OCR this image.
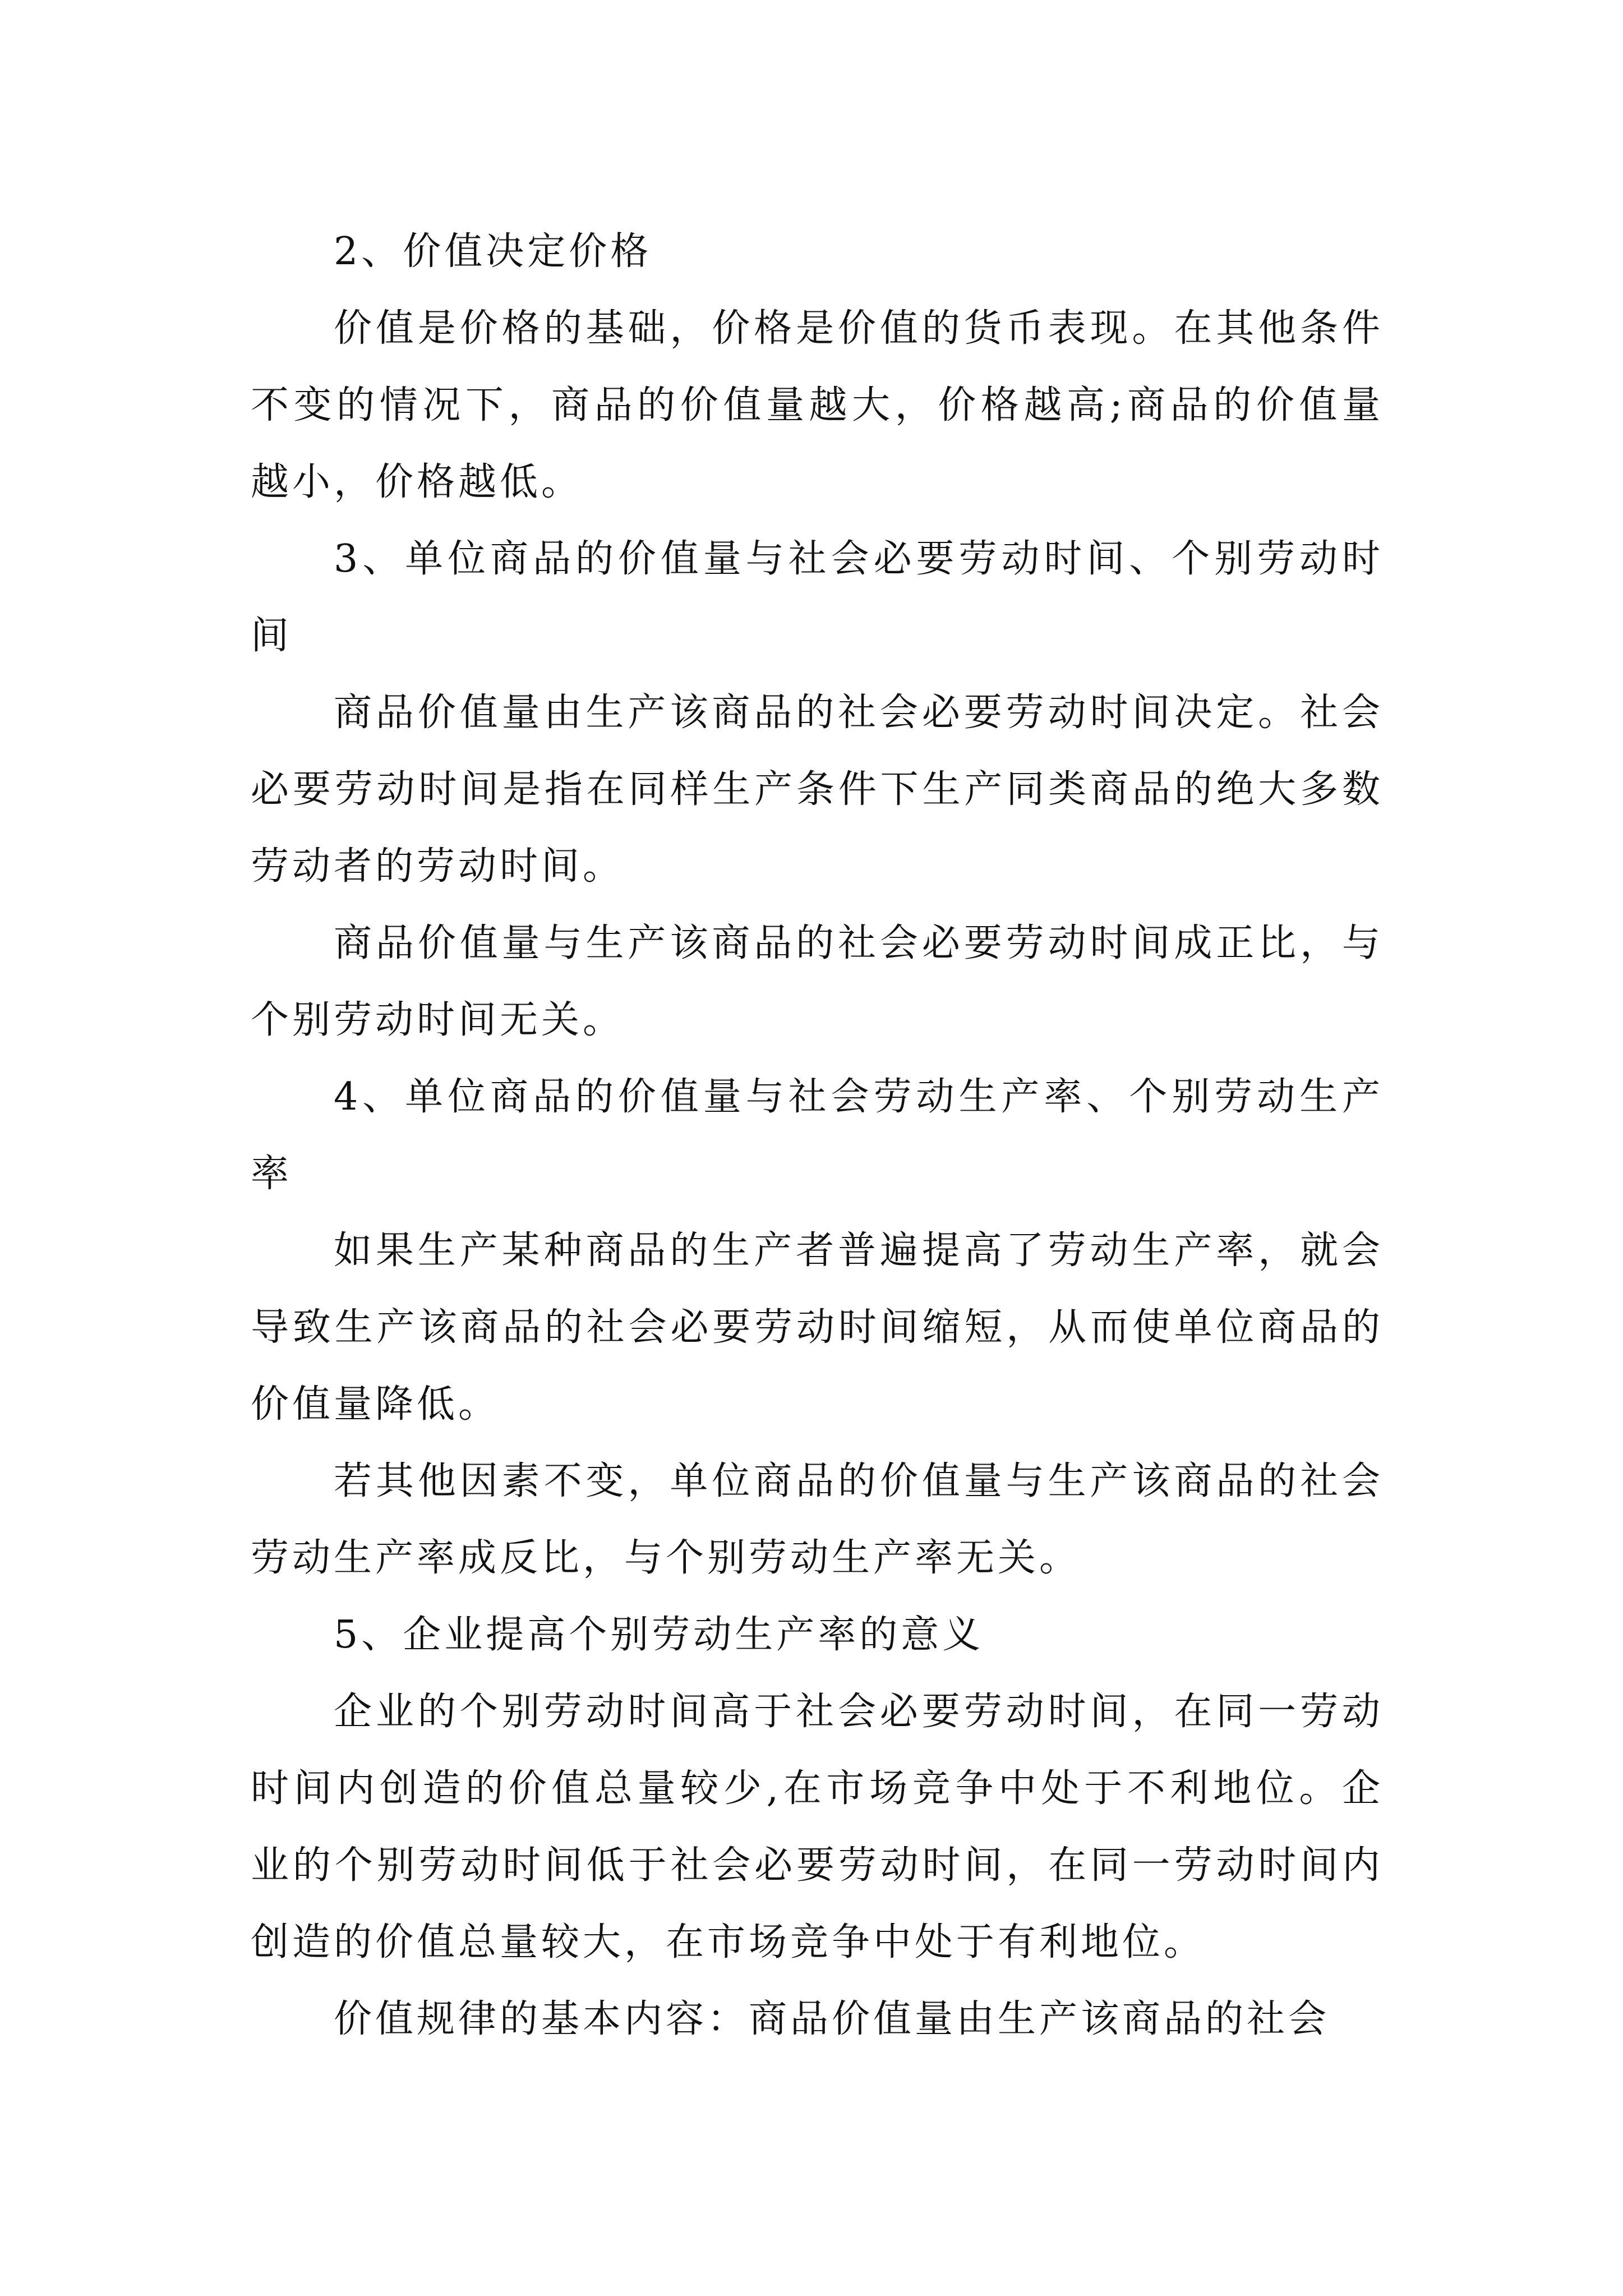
2、价值决定价格

价值是价格的基础，价格是价值的货币表现。在其他条件不变的情况下，商品的价值量越大，价格越高;商品的价值量越小，价格越低。

3、单位商品的价值量与社会必要劳动时间、个别劳动时间

商品价值量由生产该商品的社会必要劳动时间决定。社会必要劳动时间是指在同样生产条件下生产同类商品的绝大多数劳动者的劳动时间。

商品价值量与生产该商品的社会必要劳动时间成正比，与个别劳动时间无关。

4、单位商品的价值量与社会劳动生产率、个别劳动生产率

如果生产某种商品的生产者普遍提高了劳动生产率，就会导致生产该商品的社会必要劳动时间缩短，从而使单位商品的价值量降低。

若其他因素不变，单位商品的价值量与生产该商品的社会劳动生产率成反比，与个别劳动生产率无关。

5、企业提高个别劳动生产率的意义

企业的个别劳动时间高于社会必要劳动时间，在同一劳动时间内创造的价值总量较少,在市场竞争中处于不利地位。企业的个别劳动时间低于社会必要劳动时间，在同一劳动时间内创造的价值总量较大，在市场竞争中处于有利地位。

价值规律的基本内容：商品价值量由生产该商品的社会
